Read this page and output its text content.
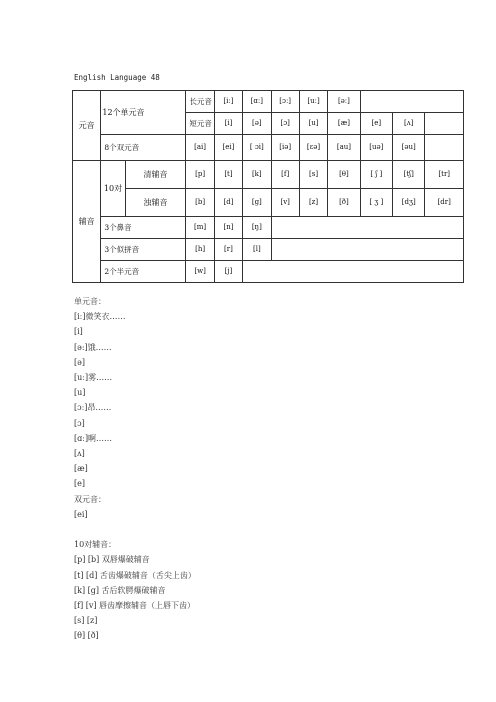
English Language 48
元音	12个单元音		长元音	[iː]	[ɑː]	[ɔː]	[uː]	[əː]			
			短元音	[i]	[ə]	[ɔ]	[u]	[æ]	[e]	[ʌ]	
	8个双元音		[ai]	[ei]	[ ɔi]	[iə]	[ɛə]	[au]	[uə]	[əu]	
辅音	10对	清辅音	[p]	[t]	[k]	[f]	[s]	[θ]	[ ʃ ]	[tʃ]	[tr]
		浊辅音	[b]	[d]	[g]	[v]	[z]	[ð]	[ ʒ ]	[dʒ]	[dr]
	3个鼻音		[m]	[n]	[ŋ]						
	3个似拼音		[h]	[r]	[l]						
	2个半元音		[w]	[j]							
单元音：
[iː]微笑衣……
[i]
[ə:]饿……
[ə]
[uː]雾……
[u]
[ɔː]昂……
[ɔ]
[ɑː]啊……
[ʌ]
[æ]
[e]
双元音：
[ei]

10对辅音：
[p] [b] 双唇爆破辅音
[t] [d] 舌齿爆破辅音（舌尖上齿）
[k] [g] 舌后软腭爆破辅音
[f] [v] 唇齿摩擦辅音（上唇下齿）
[s] [z]
[θ] [ð]
